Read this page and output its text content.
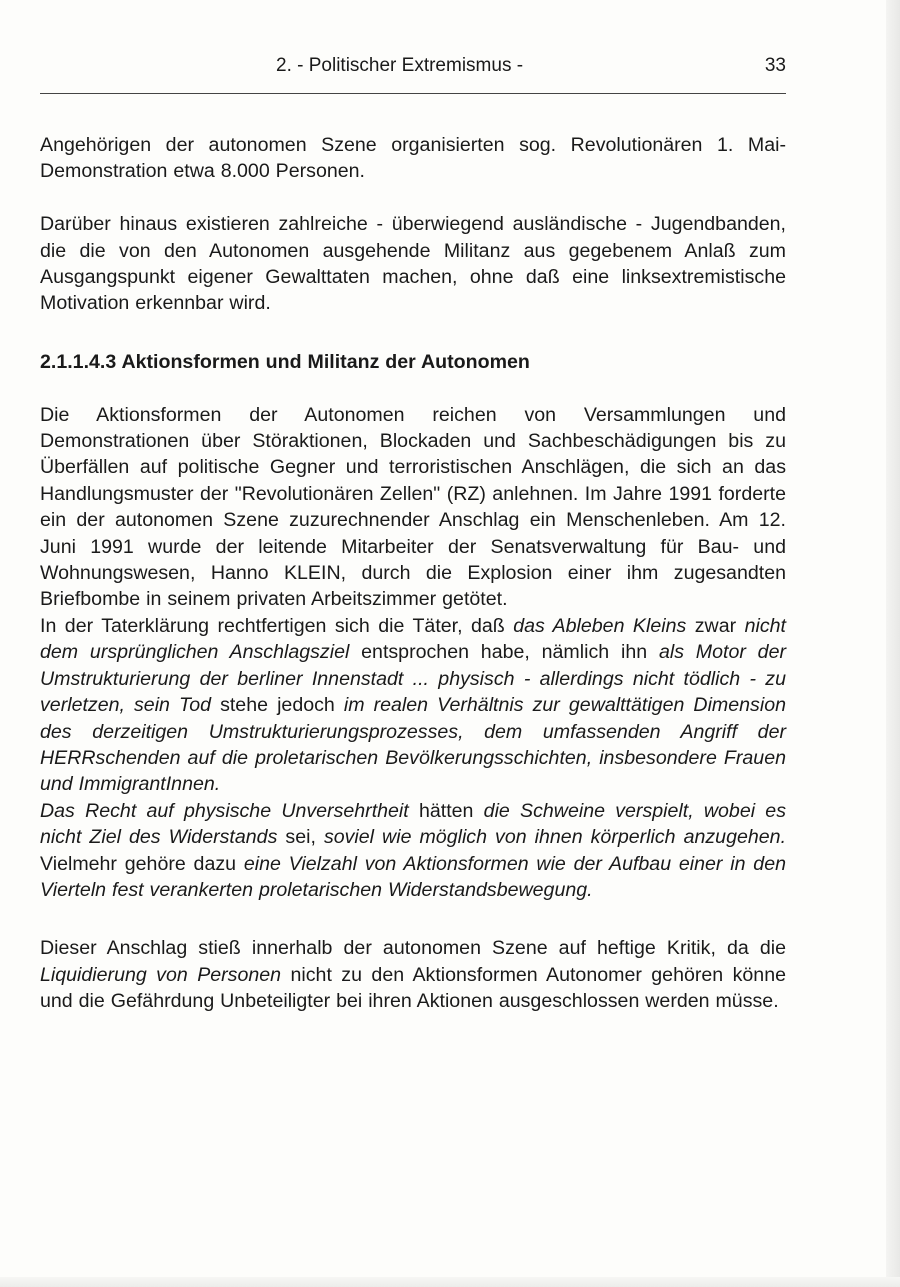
2. - Politischer Extremismus -	33

Angehörigen der autonomen Szene organisierten sog. Revolutionären 1. Mai-Demonstration etwa 8.000 Personen.

Darüber hinaus existieren zahlreiche - überwiegend ausländische - Jugendbanden, die die von den Autonomen ausgehende Militanz aus gegebenem Anlaß zum Ausgangspunkt eigener Gewalttaten machen, ohne daß eine linksextremistische Motivation erkennbar wird.

2.1.1.4.3 Aktionsformen und Militanz der Autonomen

Die Aktionsformen der Autonomen reichen von Versammlungen und Demonstrationen über Störaktionen, Blockaden und Sachbeschädigungen bis zu Überfällen auf politische Gegner und terroristischen Anschlägen, die sich an das Handlungsmuster der "Revolutionären Zellen" (RZ) anlehnen. Im Jahre 1991 forderte ein der autonomen Szene zuzurechnender Anschlag ein Menschenleben. Am 12. Juni 1991 wurde der leitende Mitarbeiter der Senatsverwaltung für Bau- und Wohnungswesen, Hanno KLEIN, durch die Explosion einer ihm zugesandten Briefbombe in seinem privaten Arbeitszimmer getötet.

In der Taterklärung rechtfertigen sich die Täter, daß das Ableben Kleins zwar nicht dem ursprünglichen Anschlagsziel entsprochen habe, nämlich ihn als Motor der Umstrukturierung der berliner Innenstadt ... physisch - allerdings nicht tödlich - zu verletzen, sein Tod stehe jedoch im realen Verhältnis zur gewalttätigen Dimension des derzeitigen Umstrukturierungsprozesses, dem umfassenden Angriff der HERRschenden auf die proletarischen Bevölkerungsschichten, insbesondere Frauen und ImmigrantInnen.

Das Recht auf physische Unversehrtheit hätten die Schweine verspielt, wobei es nicht Ziel des Widerstands sei, soviel wie möglich von ihnen körperlich anzugehen. Vielmehr gehöre dazu eine Vielzahl von Aktionsformen wie der Aufbau einer in den Vierteln fest verankerten proletarischen Widerstandsbewegung.

Dieser Anschlag stieß innerhalb der autonomen Szene auf heftige Kritik, da die Liquidierung von Personen nicht zu den Aktionsformen Autonomer gehören könne und die Gefährdung Unbeteiligter bei ihren Aktionen ausgeschlossen werden müsse.
